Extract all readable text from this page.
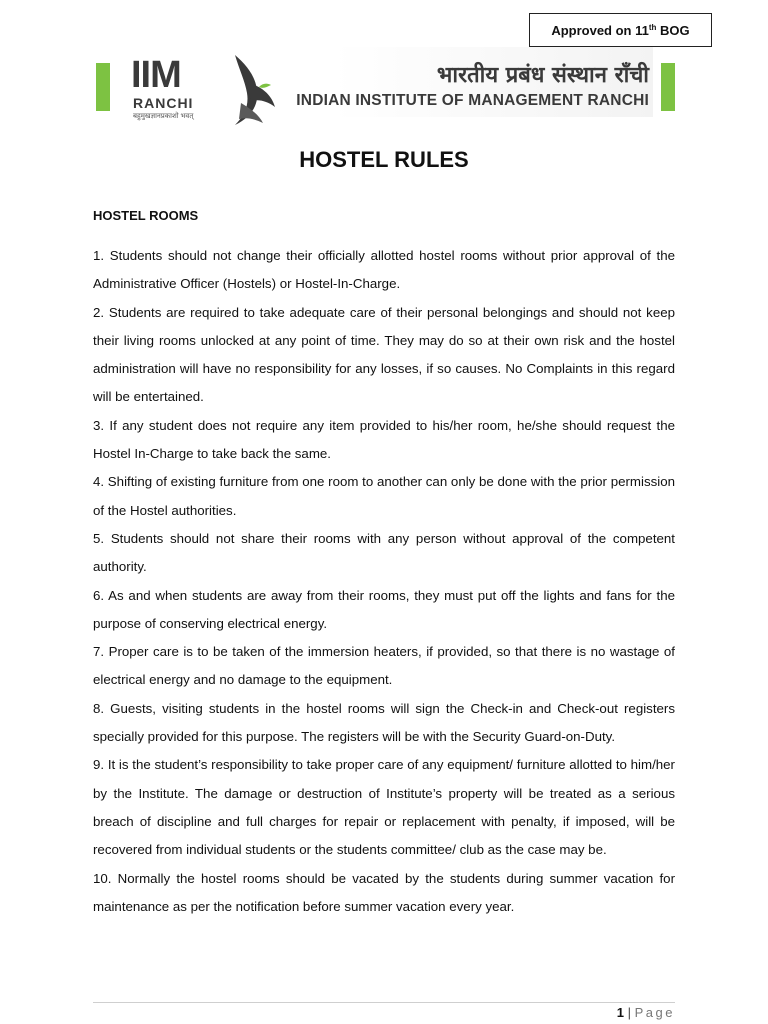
Approved on 11th BOG
IIM
RANCHI
बहुमुखज्ञानप्रकाशो भवत्
भारतीय प्रबंध संस्थान राँची
INDIAN INSTITUTE OF MANAGEMENT RANCHI
HOSTEL RULES
HOSTEL ROOMS

1. Students should not change their officially allotted hostel rooms without prior approval of the Administrative Officer (Hostels) or Hostel-In-Charge.

2. Students are required to take adequate care of their personal belongings and should not keep their living rooms unlocked at any point of time. They may do so at their own risk and the hostel administration will have no responsibility for any losses, if so causes. No Complaints in this regard will be entertained.

3. If any student does not require any item provided to his/her room, he/she should request the Hostel In-Charge to take back the same.

4. Shifting of existing furniture from one room to another can only be done with the prior permission of the Hostel authorities.

5. Students should not share their rooms with any person without approval of the competent authority.

6. As and when students are away from their rooms, they must put off the lights and fans for the purpose of conserving electrical energy.

7. Proper care is to be taken of the immersion heaters, if provided, so that there is no wastage of electrical energy and no damage to the equipment.

8. Guests, visiting students in the hostel rooms will sign the Check-in and Check-out registers specially provided for this purpose. The registers will be with the Security Guard-on-Duty.

9. It is the student’s responsibility to take proper care of any equipment/ furniture allotted to him/her by the Institute. The damage or destruction of Institute’s property will be treated as a serious breach of discipline and full charges for repair or replacement with penalty, if imposed, will be recovered from individual students or the students committee/ club as the case may be.

10. Normally the hostel rooms should be vacated by the students during summer vacation for maintenance as per the notification before summer vacation every year.

1 | Page
